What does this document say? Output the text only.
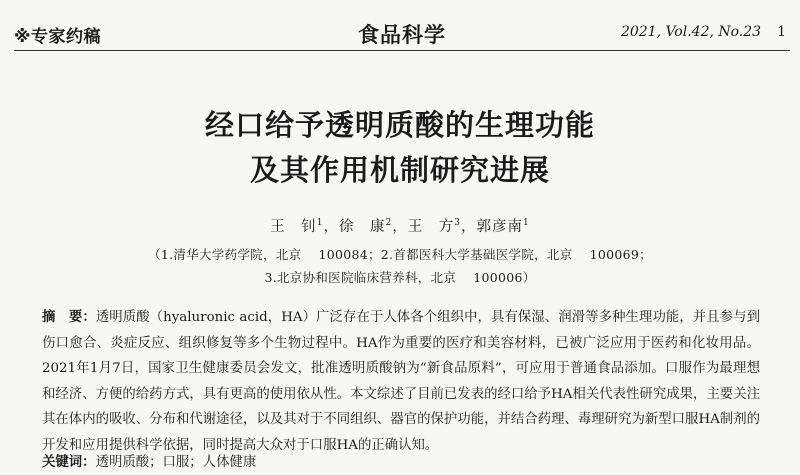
※专家约稿	食品科学	2021, Vol.42, No.23 1
经口给予透明质酸的生理功能
及其作用机制研究进展
王　钊$^1$，徐　康$^2$，王　方$^3$，郭彦南$^1$
（1.清华大学药学院，北京　 100084；2.首都医科大学基础医学院，北京　 100069；
3.北京协和医院临床营养科，北京　 100006）
摘　要：透明质酸（hyaluronic acid，HA）广泛存在于人体各个组织中，具有保湿、润滑等多种生理功能，并且参与到伤口愈合、炎症反应、组织修复等多个生物过程中。HA作为重要的医疗和美容材料，已被广泛应用于医药和化妆用品。2021年1月7日，国家卫生健康委员会发文，批准透明质酸钠为“新食品原料”，可应用于普通食品添加。口服作为最理想和经济、方便的给药方式，具有更高的使用依从性。本文综述了目前已发表的经口给予HA相关代表性研究成果，主要关注其在体内的吸收、分布和代谢途径，以及其对于不同组织、器官的保护功能，并结合药理、毒理研究为新型口服HA制剂的开发和应用提供科学依据，同时提高大众对于口服HA的正确认知。
关键词：透明质酸；口服；人体健康
